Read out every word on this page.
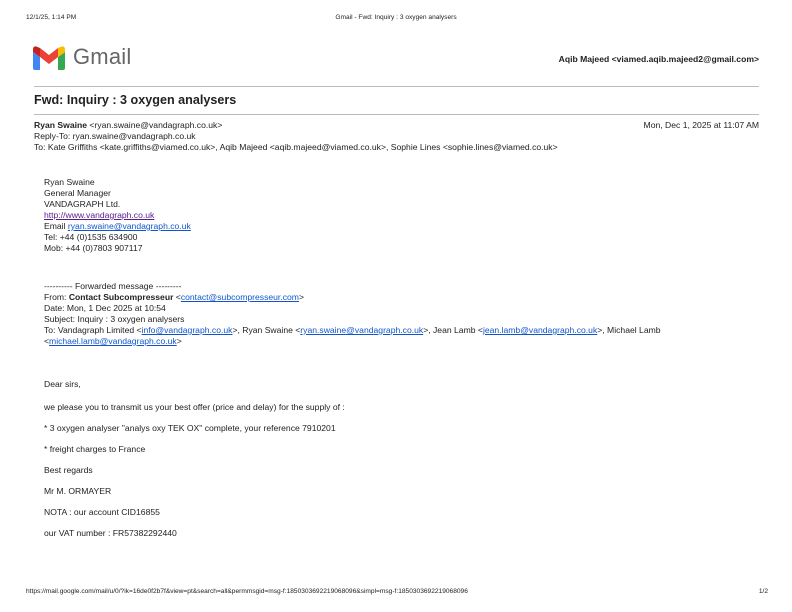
12/1/25, 1:14 PM	Gmail - Fwd: Inquiry : 3 oxygen analysers
Gmail	Aqib Majeed <viamed.aqib.majeed2@gmail.com>
Fwd: Inquiry : 3 oxygen analysers
Ryan Swaine <ryan.swaine@vandagraph.co.uk>	Mon, Dec 1, 2025 at 11:07 AM
Reply-To: ryan.swaine@vandagraph.co.uk
To: Kate Griffiths <kate.griffiths@viamed.co.uk>, Aqib Majeed <aqib.majeed@viamed.co.uk>, Sophie Lines <sophie.lines@viamed.co.uk>
Ryan Swaine
General Manager
VANDAGRAPH Ltd.
http://www.vandagraph.co.uk
Email ryan.swaine@vandagraph.co.uk
Tel: +44 (0)1535 634900
Mob: +44 (0)7803 907117
---------- Forwarded message ---------
From: Contact Subcompresseur <contact@subcompresseur.com>
Date: Mon, 1 Dec 2025 at 10:54
Subject: Inquiry : 3 oxygen analysers
To: Vandagraph Limited <info@vandagraph.co.uk>, Ryan Swaine <ryan.swaine@vandagraph.co.uk>, Jean Lamb <jean.lamb@vandagraph.co.uk>, Michael Lamb
<michael.lamb@vandagraph.co.uk>
Dear sirs,
we please you to transmit us your best offer (price and delay) for the supply of :
* 3 oxygen analyser "analys oxy TEK OX" complete, your reference 7910201
* freight charges to France
Best regards
Mr M. ORMAYER
NOTA : our account CID16855
our VAT number : FR57382292440
https://mail.google.com/mail/u/0/?ik=16de0f2b7f&view=pt&search=all&permmsgid=msg-f:1850303692219068096&simpl=msg-f:1850303692219068096	1/2
